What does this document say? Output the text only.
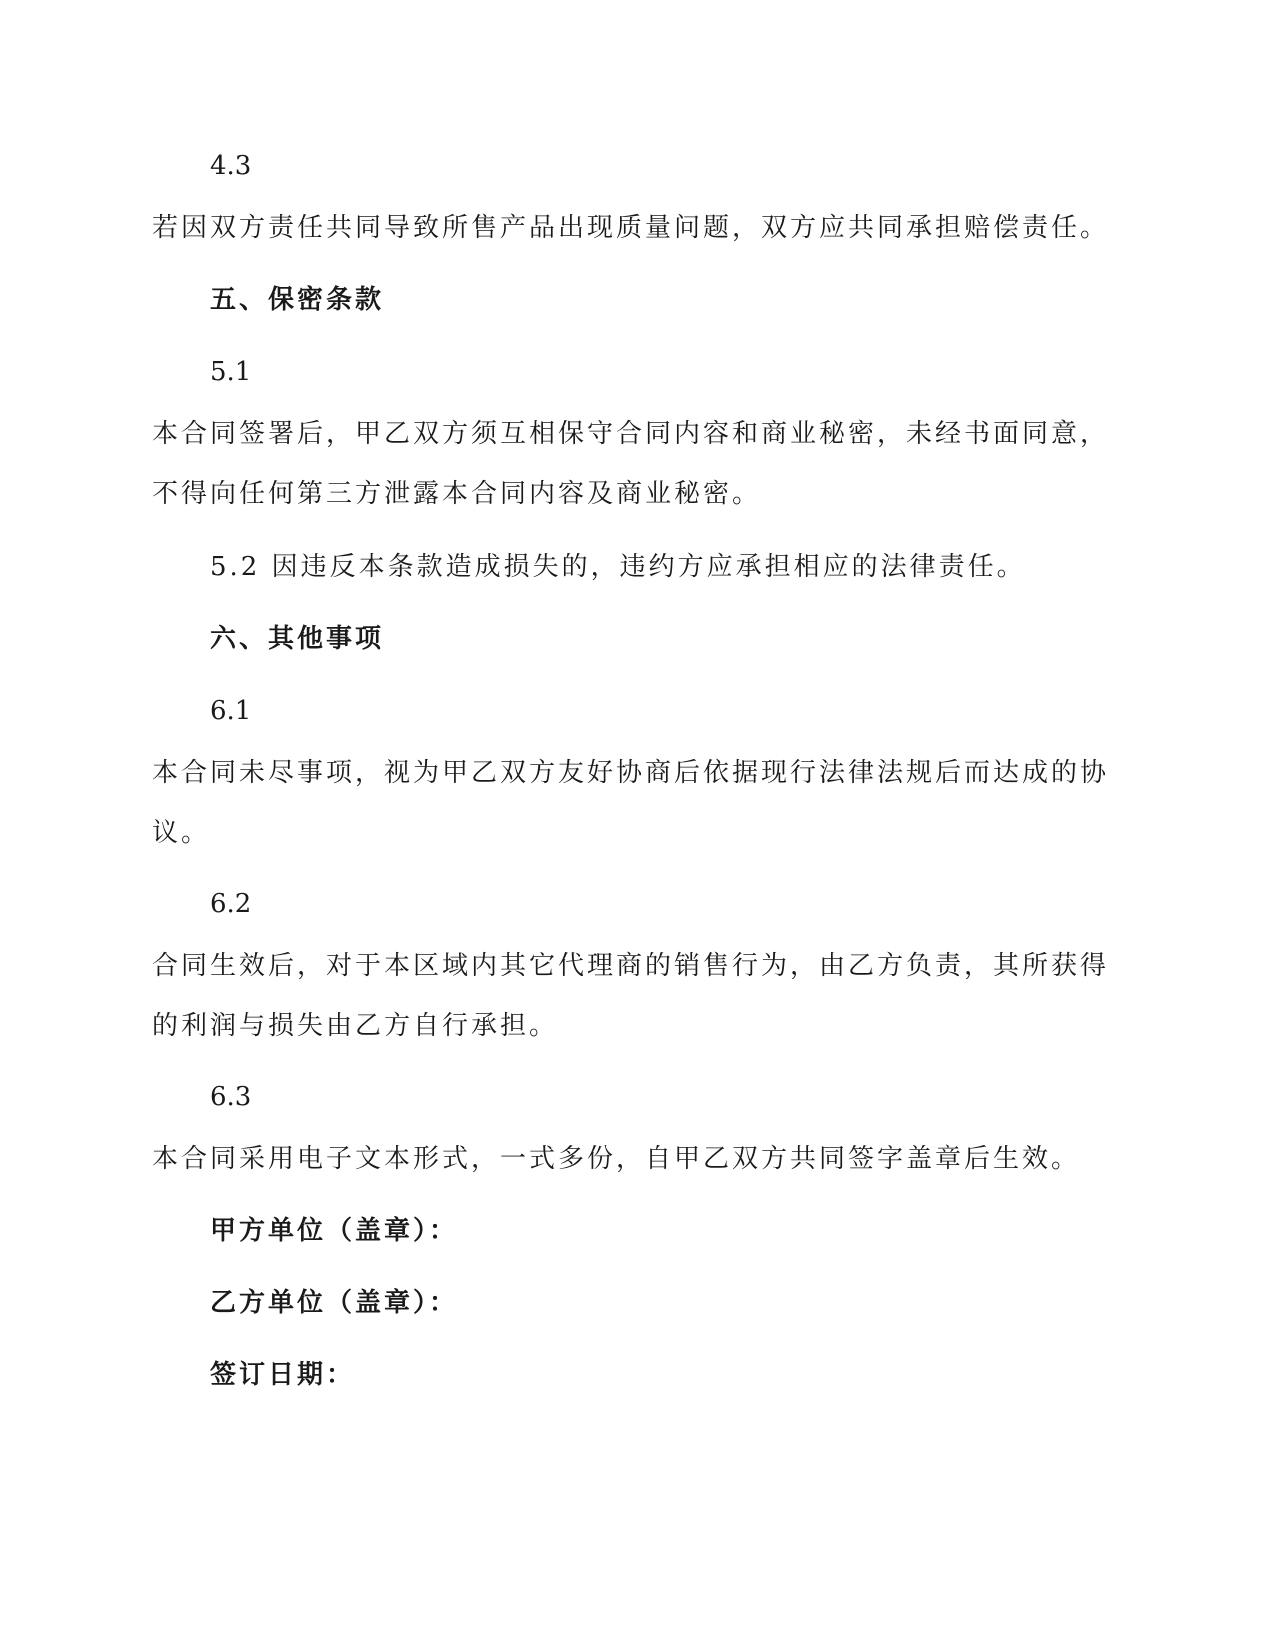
4.3
若因双方责任共同导致所售产品出现质量问题，双方应共同承担赔偿责任。
五、保密条款
5.1
本合同签署后，甲乙双方须互相保守合同内容和商业秘密，未经书面同意，
不得向任何第三方泄露本合同内容及商业秘密。
5.2 因违反本条款造成损失的，违约方应承担相应的法律责任。
六、其他事项
6.1
本合同未尽事项，视为甲乙双方友好协商后依据现行法律法规后而达成的协
议。
6.2
合同生效后，对于本区域内其它代理商的销售行为，由乙方负责，其所获得
的利润与损失由乙方自行承担。
6.3
本合同采用电子文本形式，一式多份，自甲乙双方共同签字盖章后生效。
甲方单位（盖章）：
乙方单位（盖章）：
签订日期：
